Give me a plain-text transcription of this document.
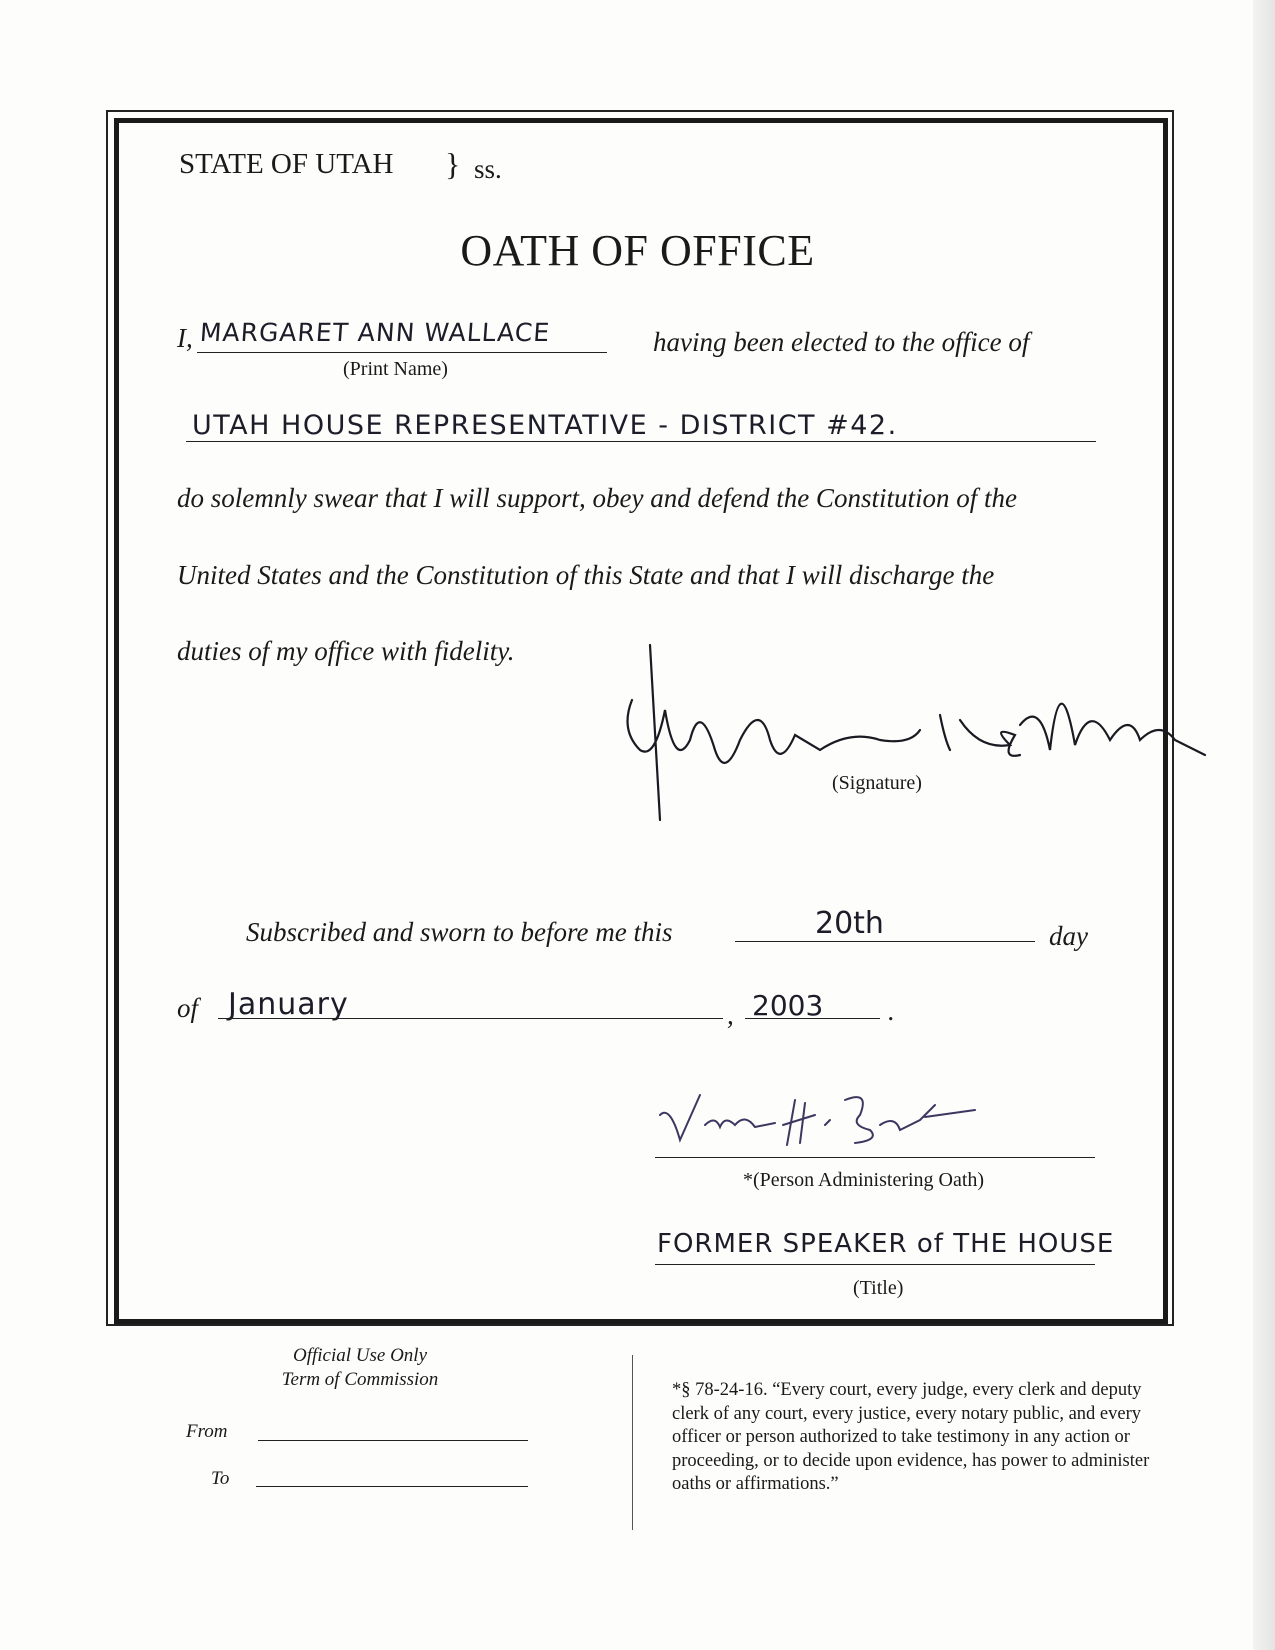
STATE OF UTAH } ss.
OATH OF OFFICE
I, MARGARET ANN WALLACE
(Print Name)
having been elected to the office of
UTAH HOUSE REPRESENTATIVE - DISTRICT #42.
do solemnly swear that I will support, obey and defend the Constitution of the
United States and the Constitution of this State and that I will discharge the
duties of my office with fidelity.
(Signature)
Subscribed and sworn to before me this	20th	day
of January	, 2003 .
*(Person Administering Oath)
FORMER SPEAKER of THE HOUSE
(Title)
Official Use Only
Term of Commission
From
To
*§ 78-24-16. “Every court, every judge, every clerk and deputy clerk of any court, every justice, every notary public, and every officer or person authorized to take testimony in any action or proceeding, or to decide upon evidence, has power to administer oaths or affirmations.”
